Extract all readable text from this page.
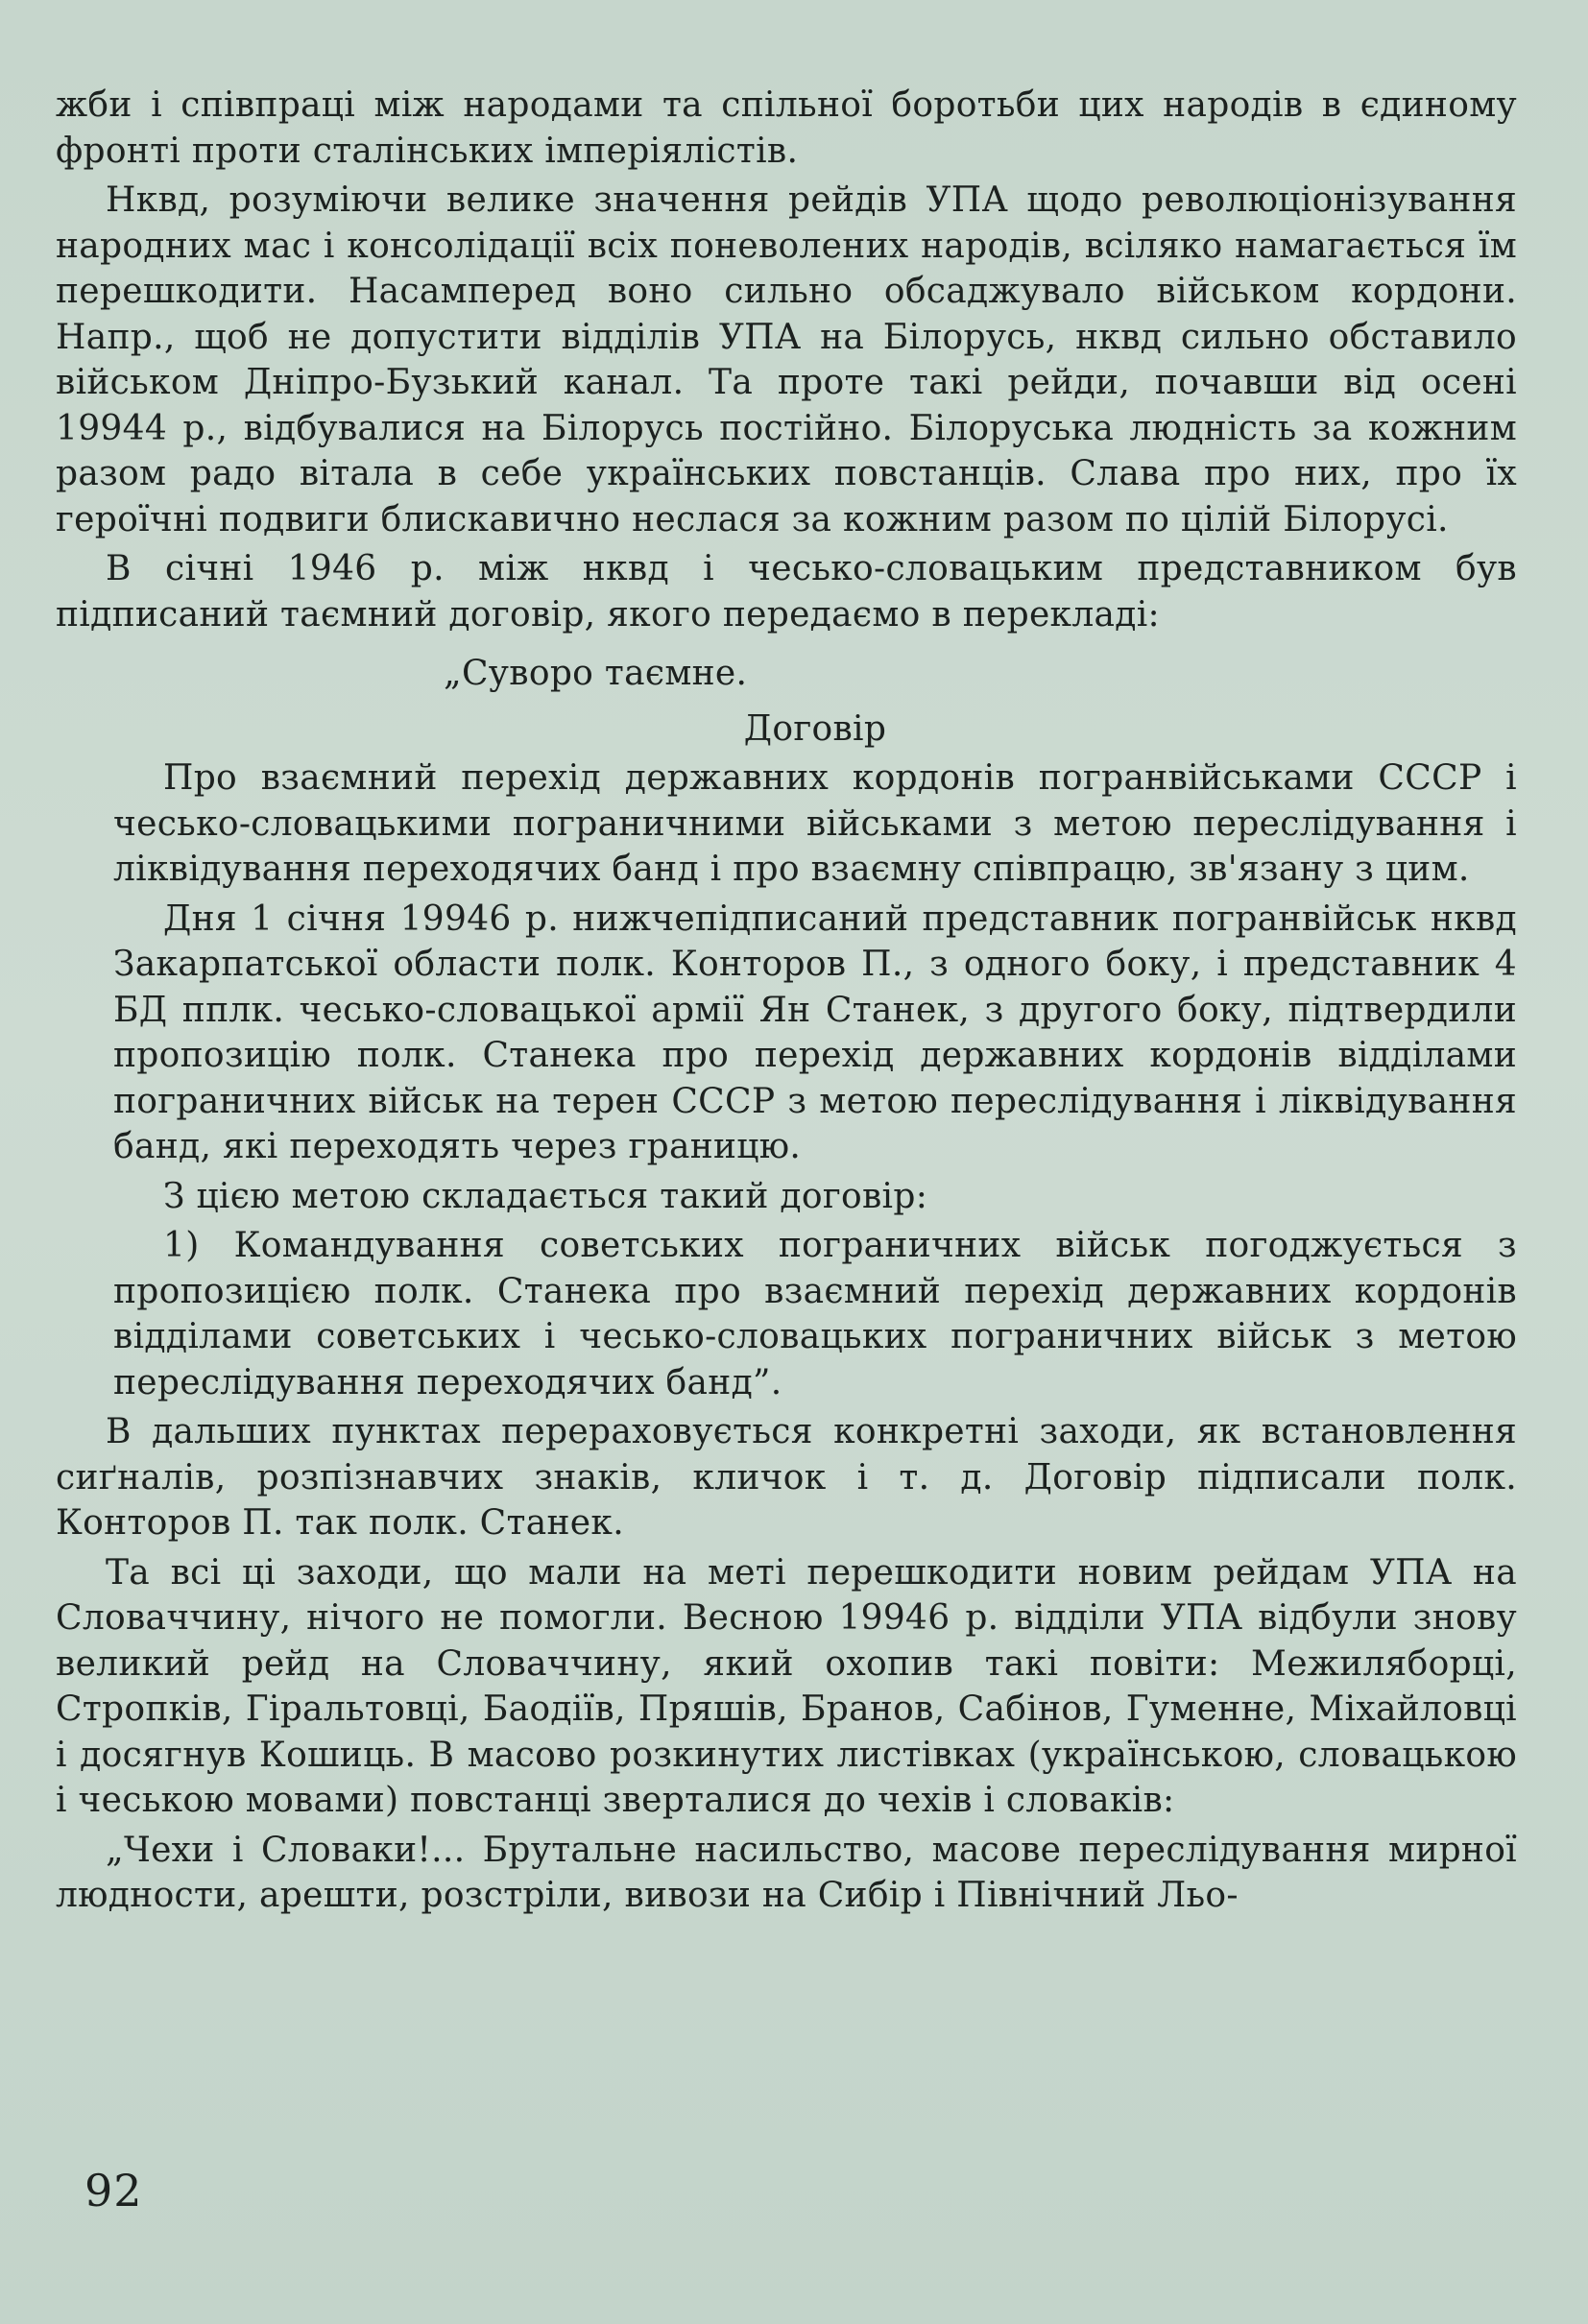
жби і співпраці між народами та спільної боротьби цих народів в єдиному фронті проти сталінських імперіялістів.

Нквд, розуміючи велике значення рейдів УПА щодо революціонізування народних мас і консолідації всіх поневолених народів, всіляко намагається їм перешкодити. Насамперед воно сильно обсаджувало військом кордони. Напр., щоб не допустити відділів УПА на Білорусь, нквд сильно обставило військом Дніпро-Бузький канал. Та проте такі рейди, почавши від осені 19944 р., відбувалися на Білорусь постійно. Білоруська людність за кожним разом радо вітала в себе українських повстанців. Слава про них, про їх героїчні подвиги блискавично неслася за кожним разом по цілій Білорусі.

В січні 1946 р. між нквд і чесько-словацьким представником був підписаний таємний договір, якого передаємо в перекладі:

„Суворо таємне.

Договір

Про взаємний перехід державних кордонів погранвійськами СССР і чесько-словацькими пограничними військами з метою переслідування і ліквідування переходячих банд і про взаємну співпрацю, зв'язану з цим.

Дня 1 січня 19946 р. нижчепідписаний представник погранвійськ нквд Закарпатської области полк. Конторов П., з одного боку, і представник 4 БД пплк. чесько-словацької армії Ян Станек, з другого боку, підтвердили пропозицію полк. Станека про перехід державних кордонів відділами пограничних військ на терен СССР з метою переслідування і ліквідування банд, які переходять через границю.

З цією метою складається такий договір:

1) Командування советських пограничних військ погоджується з пропозицією полк. Станека про взаємний перехід державних кордонів відділами советських і чесько-словацьких пограничних військ з метою переслідування переходячих банд”.

В дальших пунктах перераховується конкретні заходи, як встановлення сиґналів, розпізнавчих знаків, кличок і т. д. Договір підписали полк. Конторов П. так полк. Станек.

Та всі ці заходи, що мали на меті перешкодити новим рейдам УПА на Словаччину, нічого не помогли. Весною 19946 р. відділи УПА відбули знову великий рейд на Словаччину, який охопив такі повіти: Межиляборці, Стропків, Гіральтовці, Баодіїв, Пряшів, Бранов, Сабінов, Гуменне, Міхайловці і досягнув Кошиць. В масово розкинутих листівках (українською, словацькою і чеською мовами) повстанці зверталися до чехів і словаків:

„Чехи і Словаки!... Брутальне насильство, масове переслідування мирної людности, арешти, розстріли, вивози на Сибір і Північний Льо-

92
